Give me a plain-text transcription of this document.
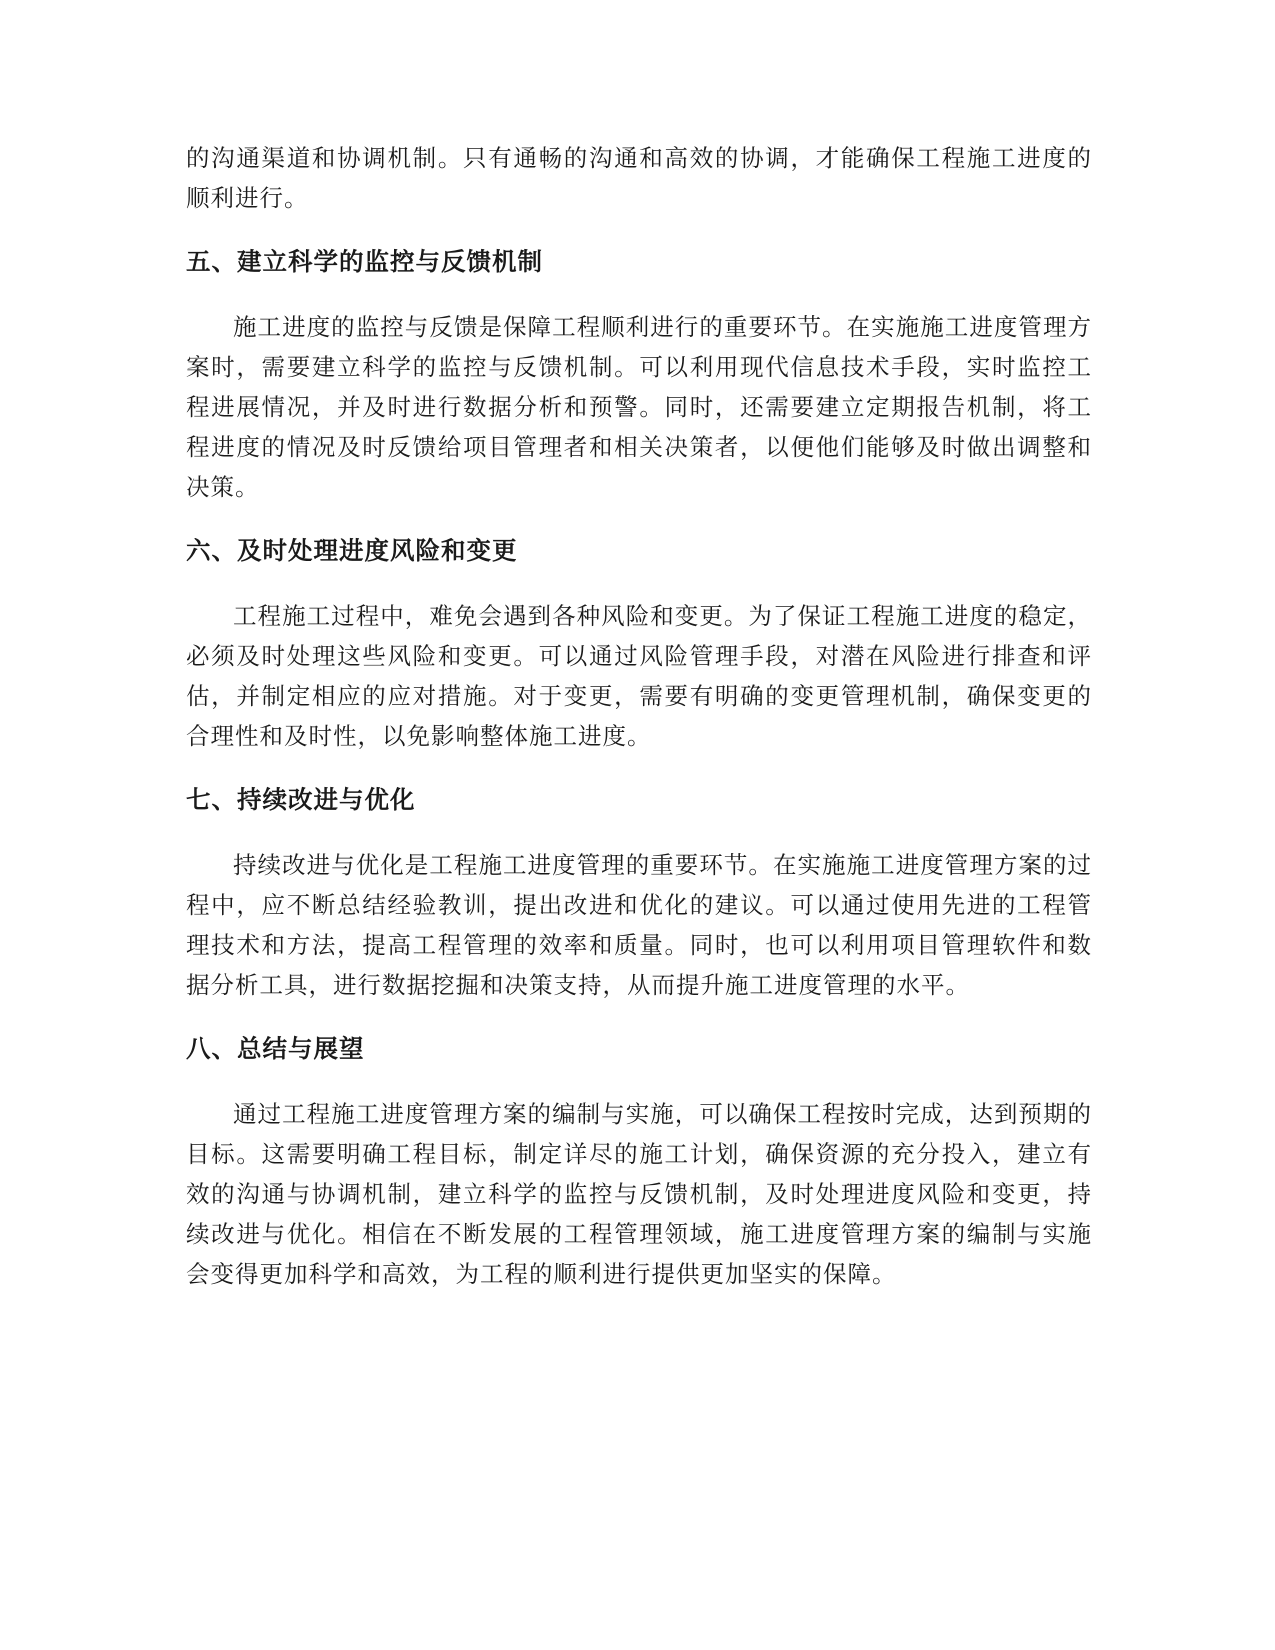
的沟通渠道和协调机制。只有通畅的沟通和高效的协调，才能确保工程施工进度的顺利进行。

五、建立科学的监控与反馈机制

施工进度的监控与反馈是保障工程顺利进行的重要环节。在实施施工进度管理方案时，需要建立科学的监控与反馈机制。可以利用现代信息技术手段，实时监控工程进展情况，并及时进行数据分析和预警。同时，还需要建立定期报告机制，将工程进度的情况及时反馈给项目管理者和相关决策者，以便他们能够及时做出调整和决策。

六、及时处理进度风险和变更

工程施工过程中，难免会遇到各种风险和变更。为了保证工程施工进度的稳定，必须及时处理这些风险和变更。可以通过风险管理手段，对潜在风险进行排查和评估，并制定相应的应对措施。对于变更，需要有明确的变更管理机制，确保变更的合理性和及时性，以免影响整体施工进度。

七、持续改进与优化

持续改进与优化是工程施工进度管理的重要环节。在实施施工进度管理方案的过程中，应不断总结经验教训，提出改进和优化的建议。可以通过使用先进的工程管理技术和方法，提高工程管理的效率和质量。同时，也可以利用项目管理软件和数据分析工具，进行数据挖掘和决策支持，从而提升施工进度管理的水平。

八、总结与展望

通过工程施工进度管理方案的编制与实施，可以确保工程按时完成，达到预期的目标。这需要明确工程目标，制定详尽的施工计划，确保资源的充分投入，建立有效的沟通与协调机制，建立科学的监控与反馈机制，及时处理进度风险和变更，持续改进与优化。相信在不断发展的工程管理领域，施工进度管理方案的编制与实施会变得更加科学和高效，为工程的顺利进行提供更加坚实的保障。
